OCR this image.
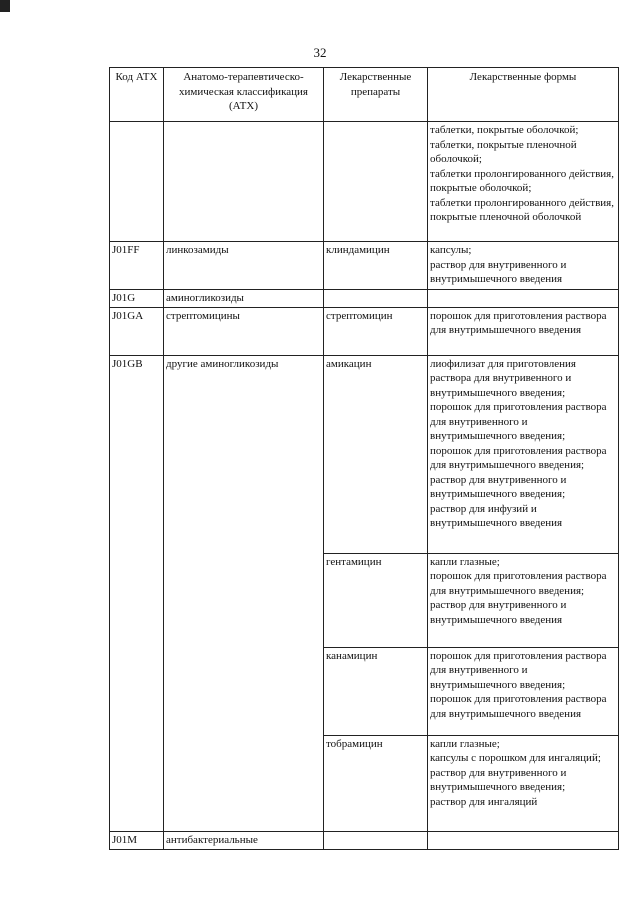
32
Код АТХ	Анатомо-терапевтическо-химическая классификация (АТХ)	Лекарственные препараты	Лекарственные формы
			таблетки, покрытые оболочкой;
таблетки, покрытые пленочной оболочкой;
таблетки пролонгированного действия, покрытые оболочкой;
таблетки пролонгированного действия, покрытые пленочной оболочкой
J01FF	линкозамиды	клиндамицин	капсулы;
раствор для внутривенного и внутримышечного введения
J01G	аминогликозиды		
J01GA	стрептомицины	стрептомицин	порошок для приготовления раствора для внутримышечного введения
J01GB	другие аминогликозиды	амикацин	лиофилизат для приготовления раствора для внутривенного и внутримышечного введения;
порошок для приготовления раствора для внутривенного и внутримышечного введения;
порошок для приготовления раствора для внутримышечного введения;
раствор для внутривенного и внутримышечного введения;
раствор для инфузий и внутримышечного введения
		гентамицин	капли глазные;
порошок для приготовления раствора для внутримышечного введения;
раствор для внутривенного и внутримышечного введения
		канамицин	порошок для приготовления раствора для внутривенного и внутримышечного введения;
порошок для приготовления раствора для внутримышечного введения
		тобрамицин	капли глазные;
капсулы с порошком для ингаляций;
раствор для внутривенного и внутримышечного введения;
раствор для ингаляций
J01M	антибактериальные		
